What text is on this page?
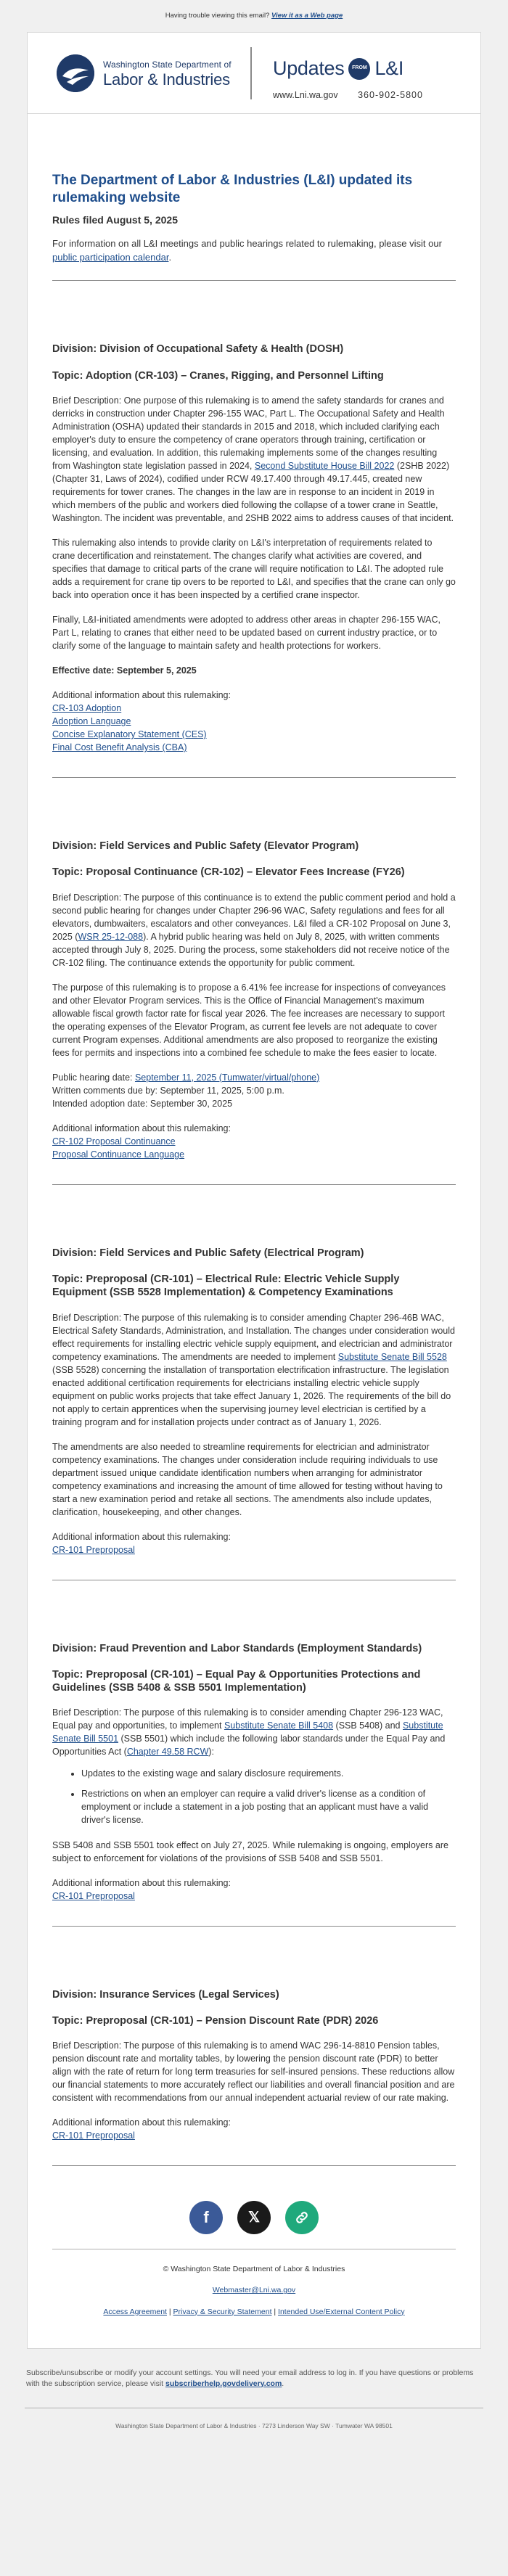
Having trouble viewing this email? View it as a Web page
Washington State Department of
Labor & Industries
Updates	FROM L&I
www.Lni.wa.gov 360-902-5800
The Department of Labor & Industries (L&I) updated its rulemaking website
Rules filed August 5, 2025
For information on all L&I meetings and public hearings related to rulemaking, please visit our public participation calendar.
Division: Division of Occupational Safety & Health (DOSH)
Topic: Adoption (CR-103) – Cranes, Rigging, and Personnel Lifting
Brief Description: One purpose of this rulemaking is to amend the safety standards for cranes and derricks in construction under Chapter 296-155 WAC, Part L. The Occupational Safety and Health Administration (OSHA) updated their standards in 2015 and 2018, which included clarifying each employer's duty to ensure the competency of crane operators through training, certification or licensing, and evaluation. In addition, this rulemaking implements some of the changes resulting from Washington state legislation passed in 2024, Second Substitute House Bill 2022 (2SHB 2022) (Chapter 31, Laws of 2024), codified under RCW 49.17.400 through 49.17.445, created new requirements for tower cranes. The changes in the law are in response to an incident in 2019 in which members of the public and workers died following the collapse of a tower crane in Seattle, Washington. The incident was preventable, and 2SHB 2022 aims to address causes of that incident.
This rulemaking also intends to provide clarity on L&I's interpretation of requirements related to crane decertification and reinstatement. The changes clarify what activities are covered, and specifies that damage to critical parts of the crane will require notification to L&I. The adopted rule adds a requirement for crane tip overs to be reported to L&I, and specifies that the crane can only go back into operation once it has been inspected by a certified crane inspector.
Finally, L&I-initiated amendments were adopted to address other areas in chapter 296-155 WAC, Part L, relating to cranes that either need to be updated based on current industry practice, or to clarify some of the language to maintain safety and health protections for workers.
Effective date: September 5, 2025
Additional information about this rulemaking:
CR-103 Adoption
Adoption Language
Concise Explanatory Statement (CES)
Final Cost Benefit Analysis (CBA)
Division: Field Services and Public Safety (Elevator Program)
Topic: Proposal Continuance (CR-102) – Elevator Fees Increase (FY26)
Brief Description: The purpose of this continuance is to extend the public comment period and hold a second public hearing for changes under Chapter 296-96 WAC, Safety regulations and fees for all elevators, dumbwaiters, escalators and other conveyances. L&I filed a CR-102 Proposal on June 3, 2025 (WSR 25-12-088). A hybrid public hearing was held on July 8, 2025, with written comments accepted through July 8, 2025. During the process, some stakeholders did not receive notice of the CR-102 filing. The continuance extends the opportunity for public comment.
The purpose of this rulemaking is to propose a 6.41% fee increase for inspections of conveyances and other Elevator Program services. This is the Office of Financial Management's maximum allowable fiscal growth factor rate for fiscal year 2026. The fee increases are necessary to support the operating expenses of the Elevator Program, as current fee levels are not adequate to cover current Program expenses. Additional amendments are also proposed to reorganize the existing fees for permits and inspections into a combined fee schedule to make the fees easier to locate.
Public hearing date: September 11, 2025 (Tumwater/virtual/phone)
Written comments due by: September 11, 2025, 5:00 p.m.
Intended adoption date: September 30, 2025
Additional information about this rulemaking:
CR-102 Proposal Continuance
Proposal Continuance Language
Division: Field Services and Public Safety (Electrical Program)
Topic: Preproposal (CR-101) – Electrical Rule: Electric Vehicle Supply Equipment (SSB 5528 Implementation) & Competency Examinations
Brief Description: The purpose of this rulemaking is to consider amending Chapter 296-46B WAC, Electrical Safety Standards, Administration, and Installation. The changes under consideration would effect requirements for installing electric vehicle supply equipment, and electrician and administrator competency examinations. The amendments are needed to implement Substitute Senate Bill 5528 (SSB 5528) concerning the installation of transportation electrification infrastructure. The legislation enacted additional certification requirements for electricians installing electric vehicle supply equipment on public works projects that take effect January 1, 2026. The requirements of the bill do not apply to certain apprentices when the supervising journey level electrician is certified by a training program and for installation projects under contract as of January 1, 2026.
The amendments are also needed to streamline requirements for electrician and administrator competency examinations. The changes under consideration include requiring individuals to use department issued unique candidate identification numbers when arranging for administrator competency examinations and increasing the amount of time allowed for testing without having to start a new examination period and retake all sections. The amendments also include updates, clarification, housekeeping, and other changes.
Additional information about this rulemaking:
CR-101 Preproposal
Division: Fraud Prevention and Labor Standards (Employment Standards)
Topic: Preproposal (CR-101) – Equal Pay & Opportunities Protections and Guidelines (SSB 5408 & SSB 5501 Implementation)
Brief Description: The purpose of this rulemaking is to consider amending Chapter 296-123 WAC, Equal pay and opportunities, to implement Substitute Senate Bill 5408 (SSB 5408) and Substitute Senate Bill 5501 (SSB 5501) which include the following labor standards under the Equal Pay and Opportunities Act (Chapter 49.58 RCW):
• Updates to the existing wage and salary disclosure requirements.
• Restrictions on when an employer can require a valid driver's license as a condition of employment or include a statement in a job posting that an applicant must have a valid driver's license.
SSB 5408 and SSB 5501 took effect on July 27, 2025. While rulemaking is ongoing, employers are subject to enforcement for violations of the provisions of SSB 5408 and SSB 5501.
Additional information about this rulemaking:
CR-101 Preproposal
Division: Insurance Services (Legal Services)
Topic: Preproposal (CR-101) – Pension Discount Rate (PDR) 2026
Brief Description: The purpose of this rulemaking is to amend WAC 296-14-8810 Pension tables, pension discount rate and mortality tables, by lowering the pension discount rate (PDR) to better align with the rate of return for long term treasuries for self-insured pensions. These reductions allow our financial statements to more accurately reflect our liabilities and overall financial position and are consistent with recommendations from our annual independent actuarial review of our rate making.
Additional information about this rulemaking:
CR-101 Preproposal
f	𝕏

© Washington State Department of Labor & Industries

Webmaster@Lni.wa.gov

Access Agreement | Privacy & Security Statement | Intended Use/External Content Policy

Subscribe/unsubscribe or modify your account settings. You will need your email address to log in. If you have questions or problems with the subscription service, please visit subscriberhelp.govdelivery.com.
Washington State Department of Labor & Industries · 7273 Linderson Way SW · Tumwater WA 98501
